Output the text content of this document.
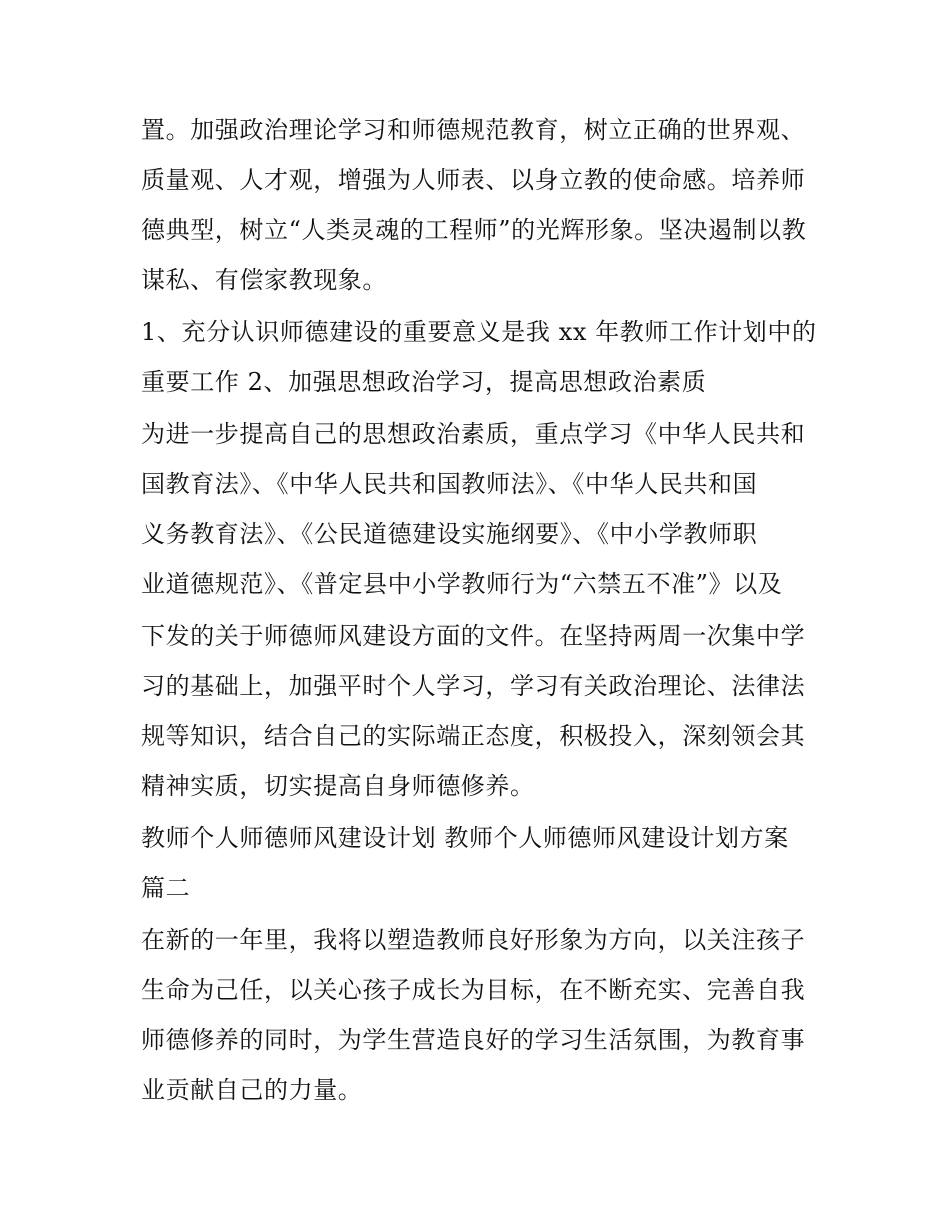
置。加强政治理论学习和师德规范教育，树立正确的世界观、

质量观、人才观，增强为人师表、以身立教的使命感。培养师

德典型，树立“人类灵魂的工程师”的光辉形象。坚决遏制以教

谋私、有偿家教现象。

1、充分认识师德建设的重要意义是我 xx 年教师工作计划中的

重要工作 2、加强思想政治学习，提高思想政治素质

为进一步提高自己的思想政治素质，重点学习《中华人民共和

国教育法》、《中华人民共和国教师法》、《中华人民共和国

义务教育法》、《公民道德建设实施纲要》、《中小学教师职

业道德规范》、《普定县中小学教师行为“六禁五不准”》以及

下发的关于师德师风建设方面的文件。在坚持两周一次集中学

习的基础上，加强平时个人学习，学习有关政治理论、法律法

规等知识，结合自己的实际端正态度，积极投入，深刻领会其

精神实质，切实提高自身师德修养。

教师个人师德师风建设计划 教师个人师德师风建设计划方案

篇二

在新的一年里，我将以塑造教师良好形象为方向，以关注孩子

生命为己任，以关心孩子成长为目标，在不断充实、完善自我

师德修养的同时，为学生营造良好的学习生活氛围，为教育事

业贡献自己的力量。
